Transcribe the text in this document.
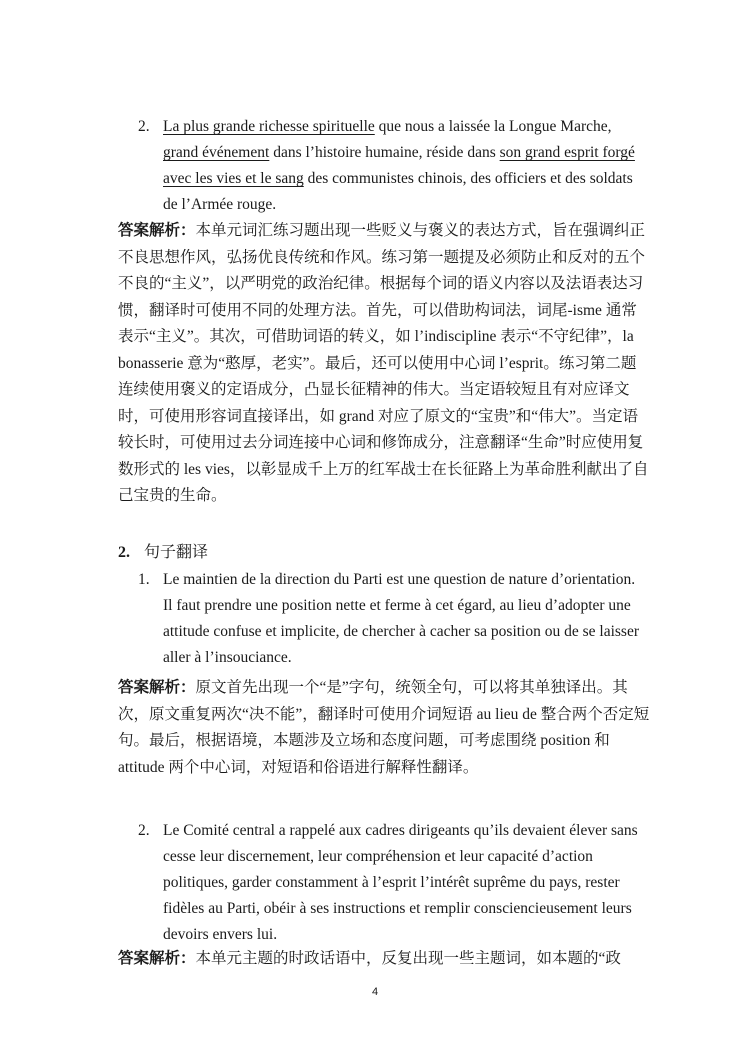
2. La plus grande richesse spirituelle que nous a laissée la Longue Marche, grand événement dans l’histoire humaine, réside dans son grand esprit forgé avec les vies et le sang des communistes chinois, des officiers et des soldats de l’Armée rouge.
答案解析：本单元词汇练习题出现一些贬义与褒义的表达方式，旨在强调纠正不良思想作风，弘扬优良传统和作风。练习第一题提及必须防止和反对的五个不良的“主义”，以严明党的政治纪律。根据每个词的语义内容以及法语表达习惯，翻译时可使用不同的处理方法。首先，可以借助构词法，词尾-isme 通常表示“主义”。其次，可借助词语的转义，如 l’indiscipline 表示“不守纪律”，la bonasserie 意为“憨厚，老实”。最后，还可以使用中心词 l’esprit。练习第二题连续使用褒义的定语成分，凸显长征精神的伟大。当定语较短且有对应译文时，可使用形容词直接译出，如 grand 对应了原文的“宝贵”和“伟大”。当定语较长时，可使用过去分词连接中心词和修饰成分，注意翻译“生命”时应使用复数形式的 les vies，以彰显成千上万的红军战士在长征路上为革命胜利献出了自己宝贵的生命。
2. 句子翻译
1. Le maintien de la direction du Parti est une question de nature d’orientation. Il faut prendre une position nette et ferme à cet égard, au lieu d’adopter une attitude confuse et implicite, de chercher à cacher sa position ou de se laisser aller à l’insouciance.
答案解析：原文首先出现一个“是”字句，统领全句，可以将其单独译出。其次，原文重复两次“决不能”，翻译时可使用介词短语 au lieu de 整合两个否定短句。最后，根据语境，本题涉及立场和态度问题，可考虑围绕 position 和 attitude 两个中心词，对短语和俗语进行解释性翻译。
2. Le Comité central a rappelé aux cadres dirigeants qu’ils devaient élever sans cesse leur discernement, leur compréhension et leur capacité d’action politiques, garder constamment à l’esprit l’intérêt suprême du pays, rester fidèles au Parti, obéir à ses instructions et remplir consciencieusement leurs devoirs envers lui.
答案解析：本单元主题的时政话语中，反复出现一些主题词，如本题的“政
4
